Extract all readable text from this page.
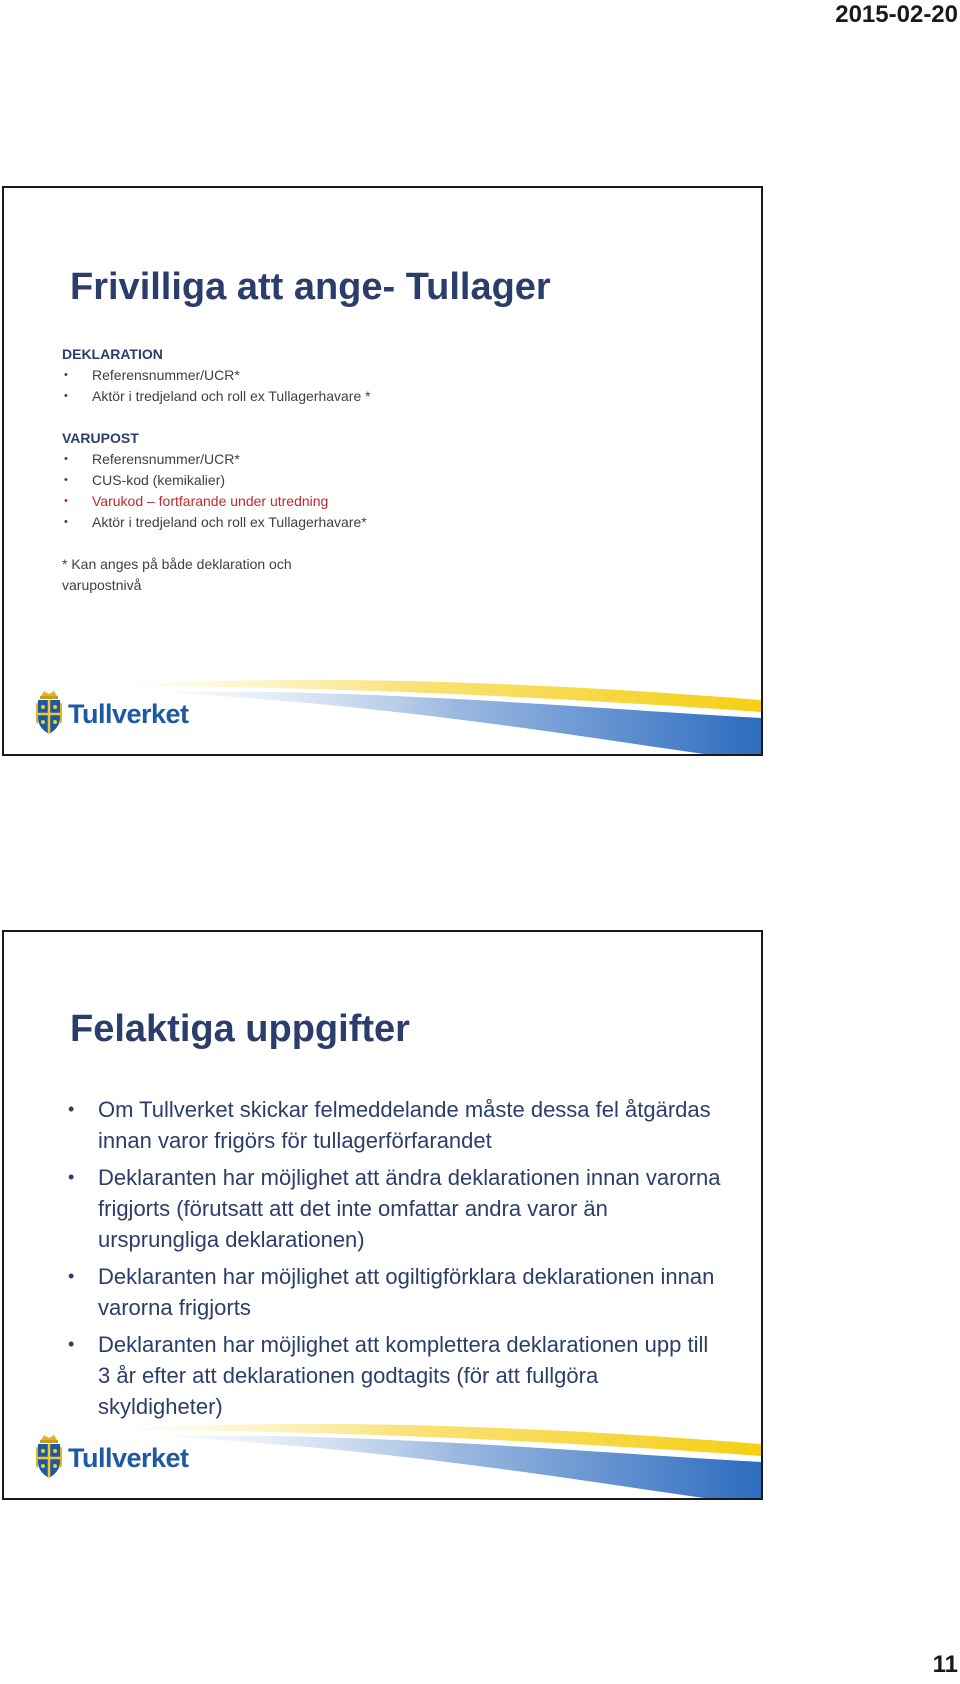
2015-02-20
Frivilliga att ange- Tullager
DEKLARATION
• Referensnummer/UCR*
• Aktör i tredjeland och roll ex Tullagerhavare *
VARUPOST
• Referensnummer/UCR*
• CUS-kod (kemikalier)
• Varukod – fortfarande under utredning
• Aktör i tredjeland och roll ex Tullagerhavare*
* Kan anges på både deklaration och varupostnivå
Tullverket
Felaktiga uppgifter
• Om Tullverket skickar felmeddelande måste dessa fel åtgärdas innan varor frigörs för tullagerförfarandet
• Deklaranten har möjlighet att ändra deklarationen innan varorna frigjorts (förutsatt att det inte omfattar andra varor än ursprungliga deklarationen)
• Deklaranten har möjlighet att ogiltigförklara deklarationen innan varorna frigjorts
• Deklaranten har möjlighet att komplettera deklarationen upp till 3 år efter att deklarationen godtagits (för att fullgöra skyldigheter)
Tullverket
11
